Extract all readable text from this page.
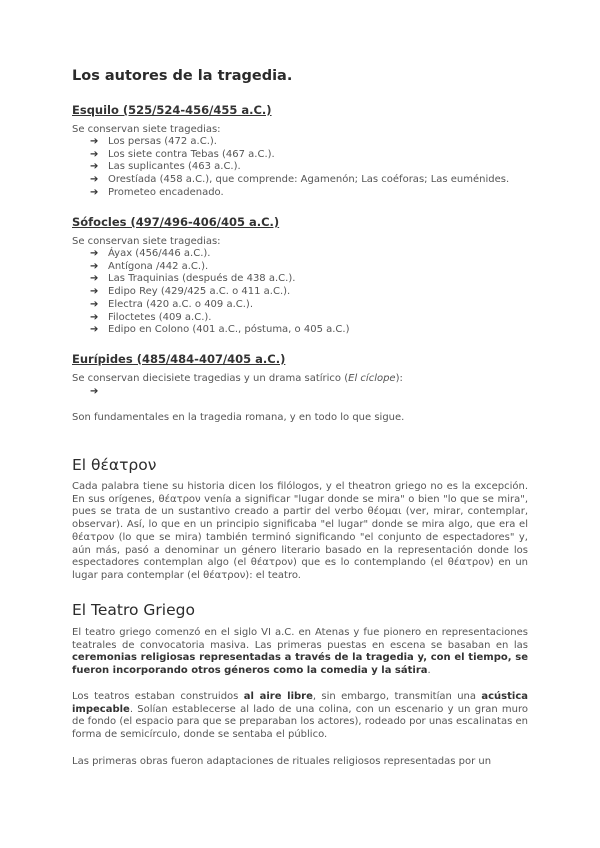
Los autores de la tragedia.
Esquilo (525/524-456/455 a.C.)

Se conservan siete tragedias:

➔ Los persas (472 a.C.).
➔ Los siete contra Tebas (467 a.C.).
➔ Las suplicantes (463 a.C.).
➔ Orestíada (458 a.C.), que comprende: Agamenón; Las coéforas; Las euménides.
➔ Prometeo encadenado.
Sófocles (497/496-406/405 a.C.)

Se conservan siete tragedias:

➔ Áyax (456/446 a.C.).
➔ Antígona /442 a.C.).
➔ Las Traquinias (después de 438 a.C.).
➔ Edipo Rey (429/425 a.C. o 411 a.C.).
➔ Electra (420 a.C. o 409 a.C.).
➔ Filoctetes (409 a.C.).
➔ Edipo en Colono (401 a.C., póstuma, o 405 a.C.)
Eurípides (485/484-407/405 a.C.)

Se conservan diecisiete tragedias y un drama satírico (El cíclope):

➔

Son fundamentales en la tragedia romana, y en todo lo que sigue.

El θέατρον

Cada palabra tiene su historia dicen los filólogos, y el theatron griego no es la excepción. En sus orígenes, θέατρον venía a significar "lugar donde se mira" o bien "lo que se mira", pues se trata de un sustantivo creado a partir del verbo θέομαι (ver, mirar, contemplar, observar). Así, lo que en un principio significaba "el lugar" donde se mira algo, que era el θέατρον (lo que se mira) también terminó significando "el conjunto de espectadores" y, aún más, pasó a denominar un género literario basado en la representación donde los espectadores contemplan algo (el θέατρον) que es lo contemplando (el θέατρον) en un lugar para contemplar (el θέατρον): el teatro.

El Teatro Griego

El teatro griego comenzó en el siglo VI a.C. en Atenas y fue pionero en representaciones teatrales de convocatoria masiva. Las primeras puestas en escena se basaban en las ceremonias religiosas representadas a través de la tragedia y, con el tiempo, se fueron incorporando otros géneros como la comedia y la sátira.

Los teatros estaban construidos al aire libre, sin embargo, transmitían una acústica impecable. Solían establecerse al lado de una colina, con un escenario y un gran muro de fondo (el espacio para que se preparaban los actores), rodeado por unas escalinatas en forma de semicírculo, donde se sentaba el público.

Las primeras obras fueron adaptaciones de rituales religiosos representadas por un
